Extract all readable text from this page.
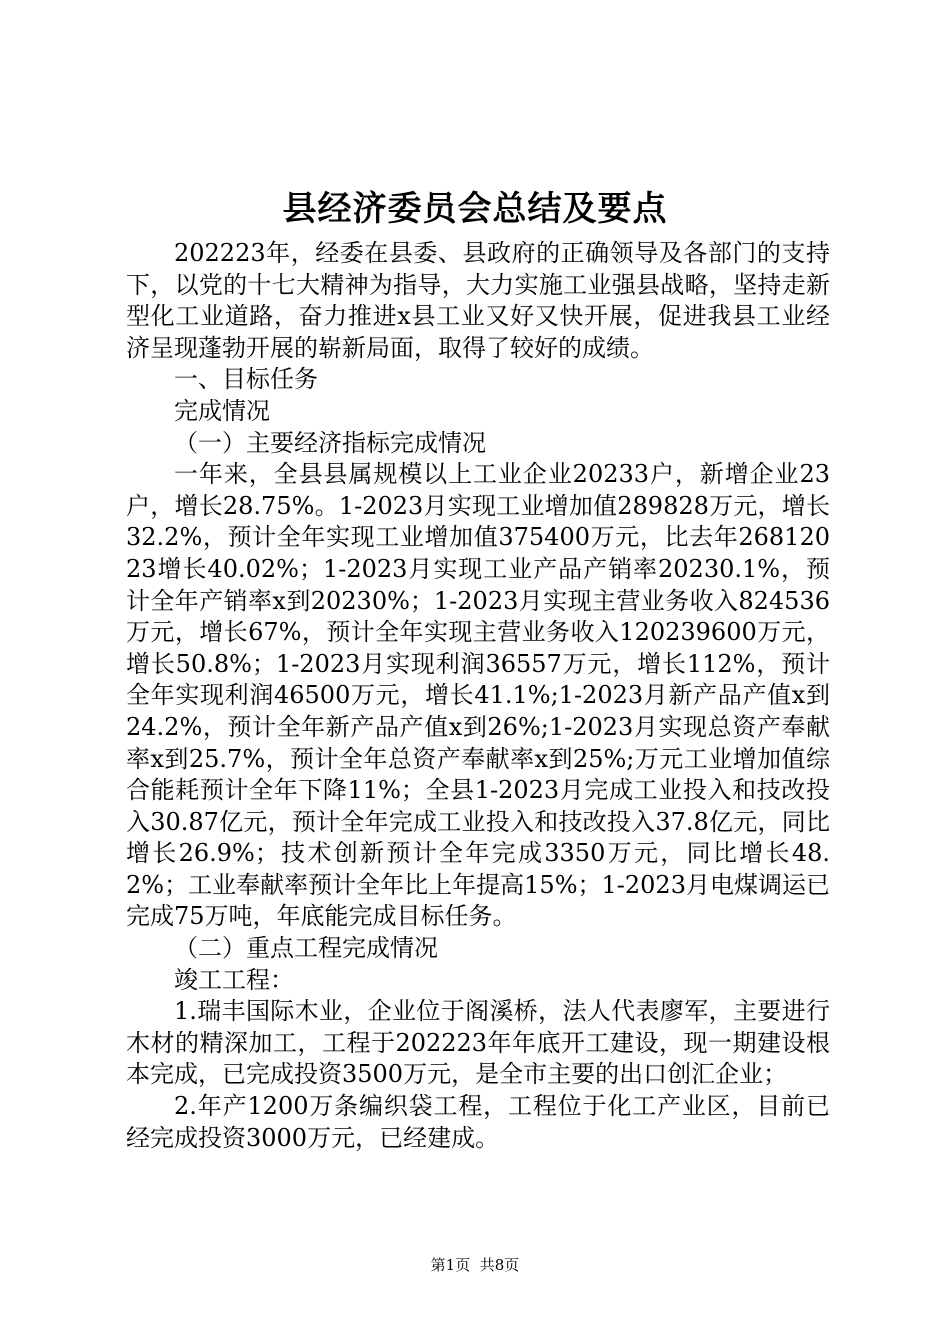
县经济委员会总结及要点

202223年，经委在县委、县政府的正确领导及各部门的支持下，以党的十七大精神为指导，大力实施工业强县战略，坚持走新型化工业道路，奋力推进x县工业又好又快开展，促进我县工业经济呈现蓬勃开展的崭新局面，取得了较好的成绩。

一、目标任务

完成情况

（一）主要经济指标完成情况

一年来，全县县属规模以上工业企业20233户，新增企业23户，增长28.75%。1-2023月实现工业增加值289828万元，增长32.2%，预计全年实现工业增加值375400万元，比去年26812023增长40.02%；1-2023月实现工业产品产销率20230.1%，预计全年产销率x到20230%；1-2023月实现主营业务收入824536万元，增长67%，预计全年实现主营业务收入120239600万元，增长50.8%；1-2023月实现利润36557万元，增长112%，预计全年实现利润46500万元，增长41.1%;1-2023月新产品产值x到24.2%，预计全年新产品产值x到26%;1-2023月实现总资产奉献率x到25.7%，预计全年总资产奉献率x到25%;万元工业增加值综合能耗预计全年下降11%；全县1-2023月完成工业投入和技改投入30.87亿元，预计全年完成工业投入和技改投入37.8亿元，同比增长26.9%；技术创新预计全年完成3350万元，同比增长48.2%；工业奉献率预计全年比上年提高15%；1-2023月电煤调运已完成75万吨，年底能完成目标任务。

（二）重点工程完成情况

竣工工程：

1.瑞丰国际木业，企业位于阁溪桥，法人代表廖军，主要进行木材的精深加工，工程于202223年年底开工建设，现一期建设根本完成，已完成投资3500万元，是全市主要的出口创汇企业；

2.年产1200万条编织袋工程，工程位于化工产业区，目前已经完成投资3000万元，已经建成。

第1页 共8页
